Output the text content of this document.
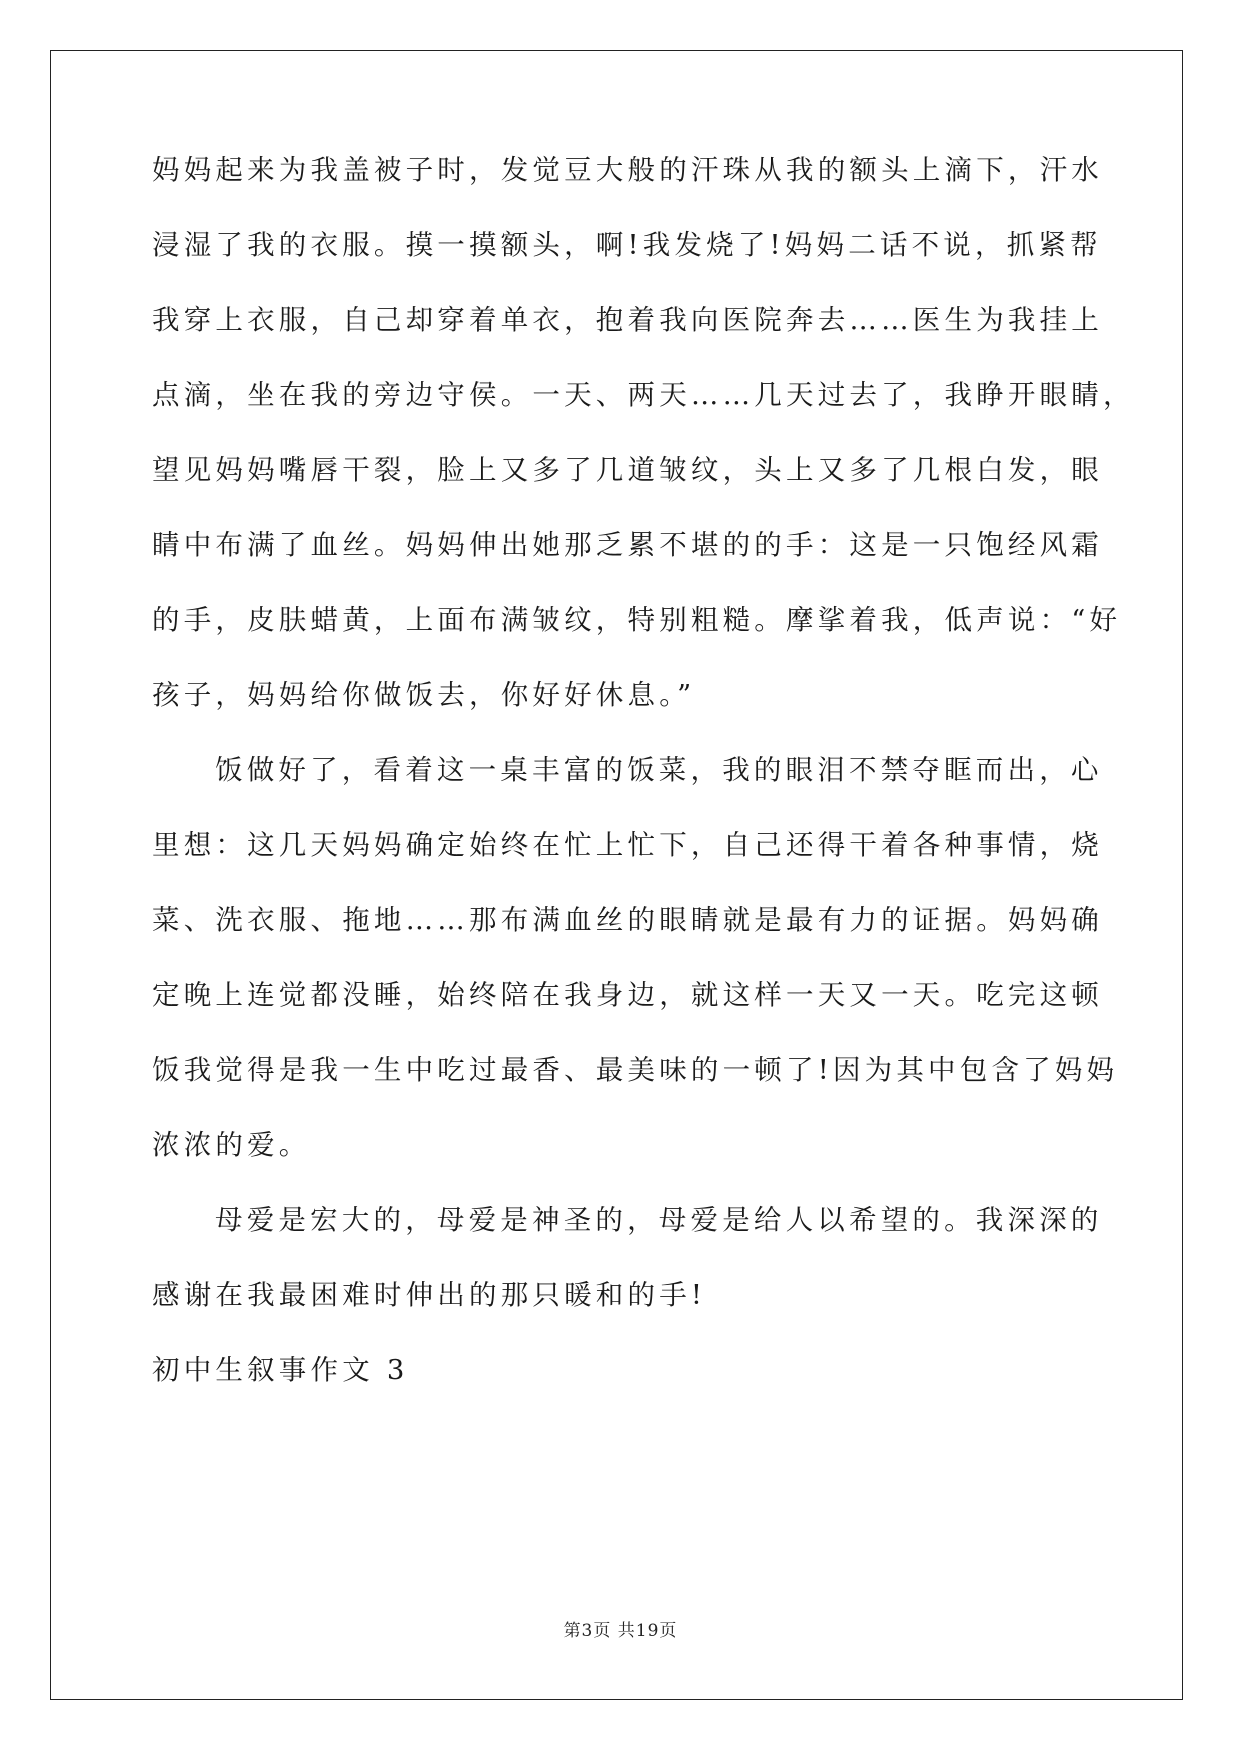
妈妈起来为我盖被子时，发觉豆大般的汗珠从我的额头上滴下，汗水
浸湿了我的衣服。摸一摸额头，啊!我发烧了!妈妈二话不说，抓紧帮
我穿上衣服，自己却穿着单衣，抱着我向医院奔去……医生为我挂上
点滴，坐在我的旁边守侯。一天、两天……几天过去了，我睁开眼睛，
望见妈妈嘴唇干裂，脸上又多了几道皱纹，头上又多了几根白发，眼
睛中布满了血丝。妈妈伸出她那乏累不堪的的手：这是一只饱经风霜
的手，皮肤蜡黄，上面布满皱纹，特别粗糙。摩挲着我，低声说：“好
孩子，妈妈给你做饭去，你好好休息。”
饭做好了，看着这一桌丰富的饭菜，我的眼泪不禁夺眶而出，心
里想：这几天妈妈确定始终在忙上忙下，自己还得干着各种事情，烧
菜、洗衣服、拖地……那布满血丝的眼睛就是最有力的证据。妈妈确
定晚上连觉都没睡，始终陪在我身边，就这样一天又一天。吃完这顿
饭我觉得是我一生中吃过最香、最美味的一顿了!因为其中包含了妈妈
浓浓的爱。
母爱是宏大的，母爱是神圣的，母爱是给人以希望的。我深深的
感谢在我最困难时伸出的那只暖和的手!
初中生叙事作文 3
第3页 共19页
